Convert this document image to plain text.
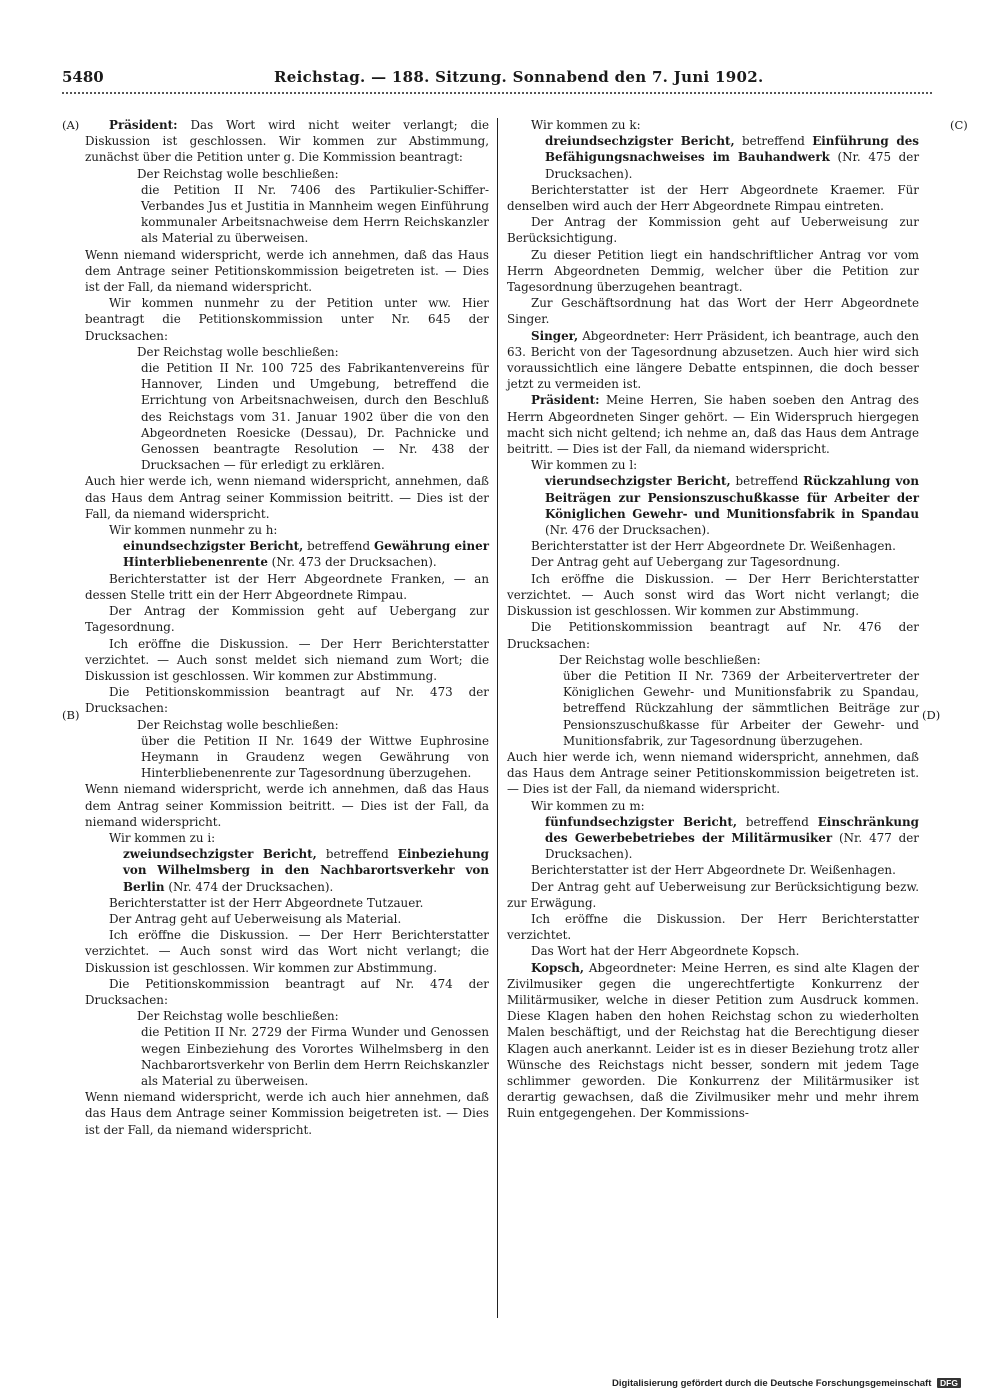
5480	Reichstag. — 188. Sitzung. Sonnabend den 7. Juni 1902.
(A)
(B)
(C)
(D)

Präsident: Das Wort wird nicht weiter verlangt; die Diskussion ist geschlossen. Wir kommen zur Abstimmung, zunächst über die Petition unter g. Die Kommission beantragt:

Der Reichstag wolle beschließen:

die Petition II Nr. 7406 des Partikulier-Schiffer-Verbandes Jus et Justitia in Mannheim wegen Einführung kommunaler Arbeitsnachweise dem Herrn Reichskanzler als Material zu überweisen.

Wenn niemand widerspricht, werde ich annehmen, daß das Haus dem Antrage seiner Petitionskommission beigetreten ist. — Dies ist der Fall, da niemand widerspricht.

Wir kommen nunmehr zu der Petition unter ww. Hier beantragt die Petitionskommission unter Nr. 645 der Drucksachen:

Der Reichstag wolle beschließen:

die Petition II Nr. 100 725 des Fabrikantenvereins für Hannover, Linden und Umgebung, betreffend die Errichtung von Arbeitsnachweisen, durch den Beschluß des Reichstags vom 31. Januar 1902 über die von den Abgeordneten Roesicke (Dessau), Dr. Pachnicke und Genossen beantragte Resolution — Nr. 438 der Drucksachen — für erledigt zu erklären.

Auch hier werde ich, wenn niemand widerspricht, annehmen, daß das Haus dem Antrag seiner Kommission beitritt. — Dies ist der Fall, da niemand widerspricht.

Wir kommen nunmehr zu h:

einundsechzigster Bericht, betreffend Gewährung einer Hinterbliebenenrente (Nr. 473 der Drucksachen).

Berichterstatter ist der Herr Abgeordnete Franken, — an dessen Stelle tritt ein der Herr Abgeordnete Rimpau.

Der Antrag der Kommission geht auf Uebergang zur Tagesordnung.

Ich eröffne die Diskussion. — Der Herr Berichterstatter verzichtet. — Auch sonst meldet sich niemand zum Wort; die Diskussion ist geschlossen. Wir kommen zur Abstimmung.

Die Petitionskommission beantragt auf Nr. 473 der Drucksachen:

Der Reichstag wolle beschließen:

über die Petition II Nr. 1649 der Wittwe Euphrosine Heymann in Graudenz wegen Gewährung von Hinterbliebenenrente zur Tagesordnung überzugehen.

Wenn niemand widerspricht, werde ich annehmen, daß das Haus dem Antrag seiner Kommission beitritt. — Dies ist der Fall, da niemand widerspricht.

Wir kommen zu i:

zweiundsechzigster Bericht, betreffend Einbeziehung von Wilhelmsberg in den Nachbarortsverkehr von Berlin (Nr. 474 der Drucksachen).

Berichterstatter ist der Herr Abgeordnete Tutzauer.

Der Antrag geht auf Ueberweisung als Material.

Ich eröffne die Diskussion. — Der Herr Berichterstatter verzichtet. — Auch sonst wird das Wort nicht verlangt; die Diskussion ist geschlossen. Wir kommen zur Abstimmung.

Die Petitionskommission beantragt auf Nr. 474 der Drucksachen:

Der Reichstag wolle beschließen:

die Petition II Nr. 2729 der Firma Wunder und Genossen wegen Einbeziehung des Vorortes Wilhelmsberg in den Nachbarortsverkehr von Berlin dem Herrn Reichskanzler als Material zu überweisen.

Wenn niemand widerspricht, werde ich auch hier annehmen, daß das Haus dem Antrage seiner Kommission beigetreten ist. — Dies ist der Fall, da niemand widerspricht.

Wir kommen zu k:

dreiundsechzigster Bericht, betreffend Einführung des Befähigungsnachweises im Bauhandwerk (Nr. 475 der Drucksachen).

Berichterstatter ist der Herr Abgeordnete Kraemer. Für denselben wird auch der Herr Abgeordnete Rimpau eintreten.

Der Antrag der Kommission geht auf Ueberweisung zur Berücksichtigung.

Zu dieser Petition liegt ein handschriftlicher Antrag vor vom Herrn Abgeordneten Demmig, welcher über die Petition zur Tagesordnung überzugehen beantragt.

Zur Geschäftsordnung hat das Wort der Herr Abgeordnete Singer.

Singer, Abgeordneter: Herr Präsident, ich beantrage, auch den 63. Bericht von der Tagesordnung abzusetzen. Auch hier wird sich voraussichtlich eine längere Debatte entspinnen, die doch besser jetzt zu vermeiden ist.

Präsident: Meine Herren, Sie haben soeben den Antrag des Herrn Abgeordneten Singer gehört. — Ein Widerspruch hiergegen macht sich nicht geltend; ich nehme an, daß das Haus dem Antrage beitritt. — Dies ist der Fall, da niemand widerspricht.

Wir kommen zu l:

vierundsechzigster Bericht, betreffend Rückzahlung von Beiträgen zur Pensionszuschußkasse für Arbeiter der Königlichen Gewehr- und Munitionsfabrik in Spandau (Nr. 476 der Drucksachen).

Berichterstatter ist der Herr Abgeordnete Dr. Weißenhagen.

Der Antrag geht auf Uebergang zur Tagesordnung.

Ich eröffne die Diskussion. — Der Herr Berichterstatter verzichtet. — Auch sonst wird das Wort nicht verlangt; die Diskussion ist geschlossen. Wir kommen zur Abstimmung.

Die Petitionskommission beantragt auf Nr. 476 der Drucksachen:

Der Reichstag wolle beschließen:

über die Petition II Nr. 7369 der Arbeitervertreter der Königlichen Gewehr- und Munitionsfabrik zu Spandau, betreffend Rückzahlung der sämmtlichen Beiträge zur Pensionszuschußkasse für Arbeiter der Gewehr- und Munitionsfabrik, zur Tagesordnung überzugehen.

Auch hier werde ich, wenn niemand widerspricht, annehmen, daß das Haus dem Antrage seiner Petitionskommission beigetreten ist. — Dies ist der Fall, da niemand widerspricht.

Wir kommen zu m:

fünfundsechzigster Bericht, betreffend Einschränkung des Gewerbebetriebes der Militärmusiker (Nr. 477 der Drucksachen).

Berichterstatter ist der Herr Abgeordnete Dr. Weißenhagen.

Der Antrag geht auf Ueberweisung zur Berücksichtigung bezw. zur Erwägung.

Ich eröffne die Diskussion. Der Herr Berichterstatter verzichtet.

Das Wort hat der Herr Abgeordnete Kopsch.

Kopsch, Abgeordneter: Meine Herren, es sind alte Klagen der Zivilmusiker gegen die ungerechtfertigte Konkurrenz der Militärmusiker, welche in dieser Petition zum Ausdruck kommen. Diese Klagen haben den hohen Reichstag schon zu wiederholten Malen beschäftigt, und der Reichstag hat die Berechtigung dieser Klagen auch anerkannt. Leider ist es in dieser Beziehung trotz aller Wünsche des Reichstags nicht besser, sondern mit jedem Tage schlimmer geworden. Die Konkurrenz der Militärmusiker ist derartig gewachsen, daß die Zivilmusiker mehr und mehr ihrem Ruin entgegengehen. Der Kommissions-

Digitalisierung gefördert durch die Deutsche Forschungsgemeinschaft DFG
